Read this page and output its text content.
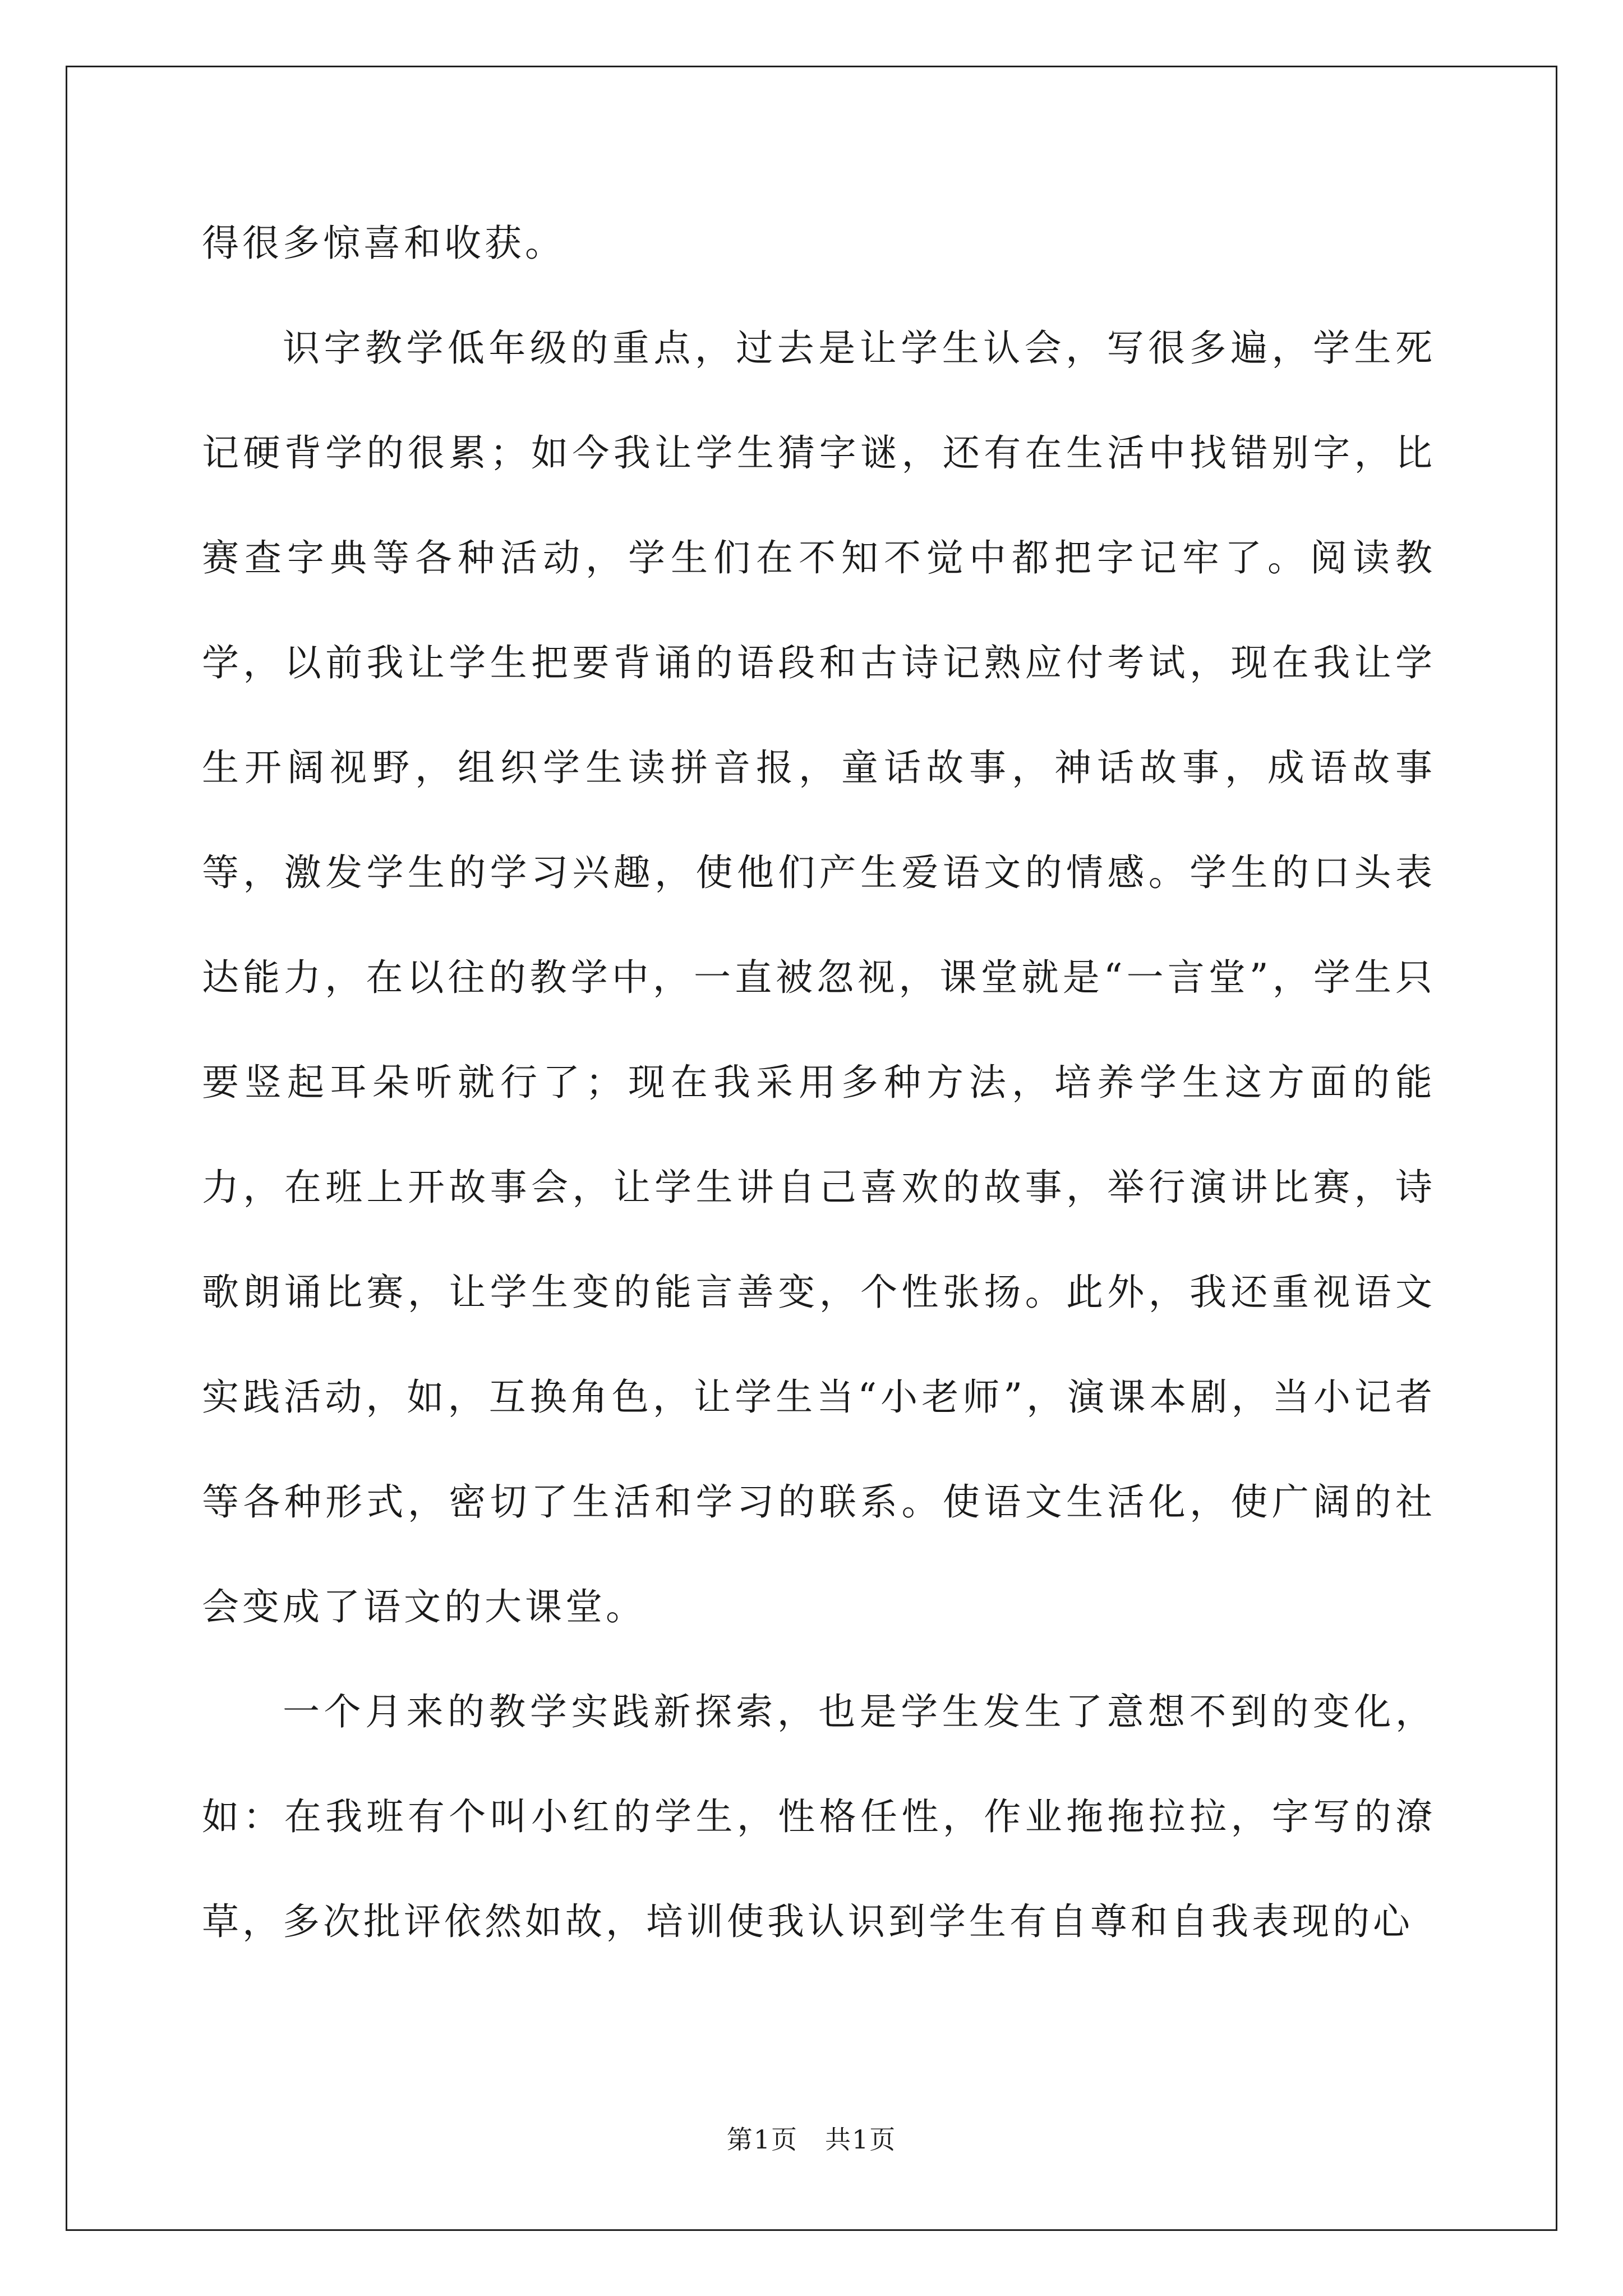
得很多惊喜和收获。

识字教学低年级的重点，过去是让学生认会，写很多遍，学生死记硬背学的很累；如今我让学生猜字谜，还有在生活中找错别字，比赛查字典等各种活动，学生们在不知不觉中都把字记牢了。阅读教学，以前我让学生把要背诵的语段和古诗记熟应付考试，现在我让学生开阔视野，组织学生读拼音报，童话故事，神话故事，成语故事等，激发学生的学习兴趣，使他们产生爱语文的情感。学生的口头表达能力，在以往的教学中，一直被忽视，课堂就是“一言堂”，学生只要竖起耳朵听就行了；现在我采用多种方法，培养学生这方面的能力，在班上开故事会，让学生讲自己喜欢的故事，举行演讲比赛，诗歌朗诵比赛，让学生变的能言善变，个性张扬。此外，我还重视语文实践活动，如，互换角色，让学生当“小老师”，演课本剧，当小记者等各种形式，密切了生活和学习的联系。使语文生活化，使广阔的社会变成了语文的大课堂。

一个月来的教学实践新探索，也是学生发生了意想不到的变化，如：在我班有个叫小红的学生，性格任性，作业拖拖拉拉，字写的潦草，多次批评依然如故，培训使我认识到学生有自尊和自我表现的心

第1页 共1页
